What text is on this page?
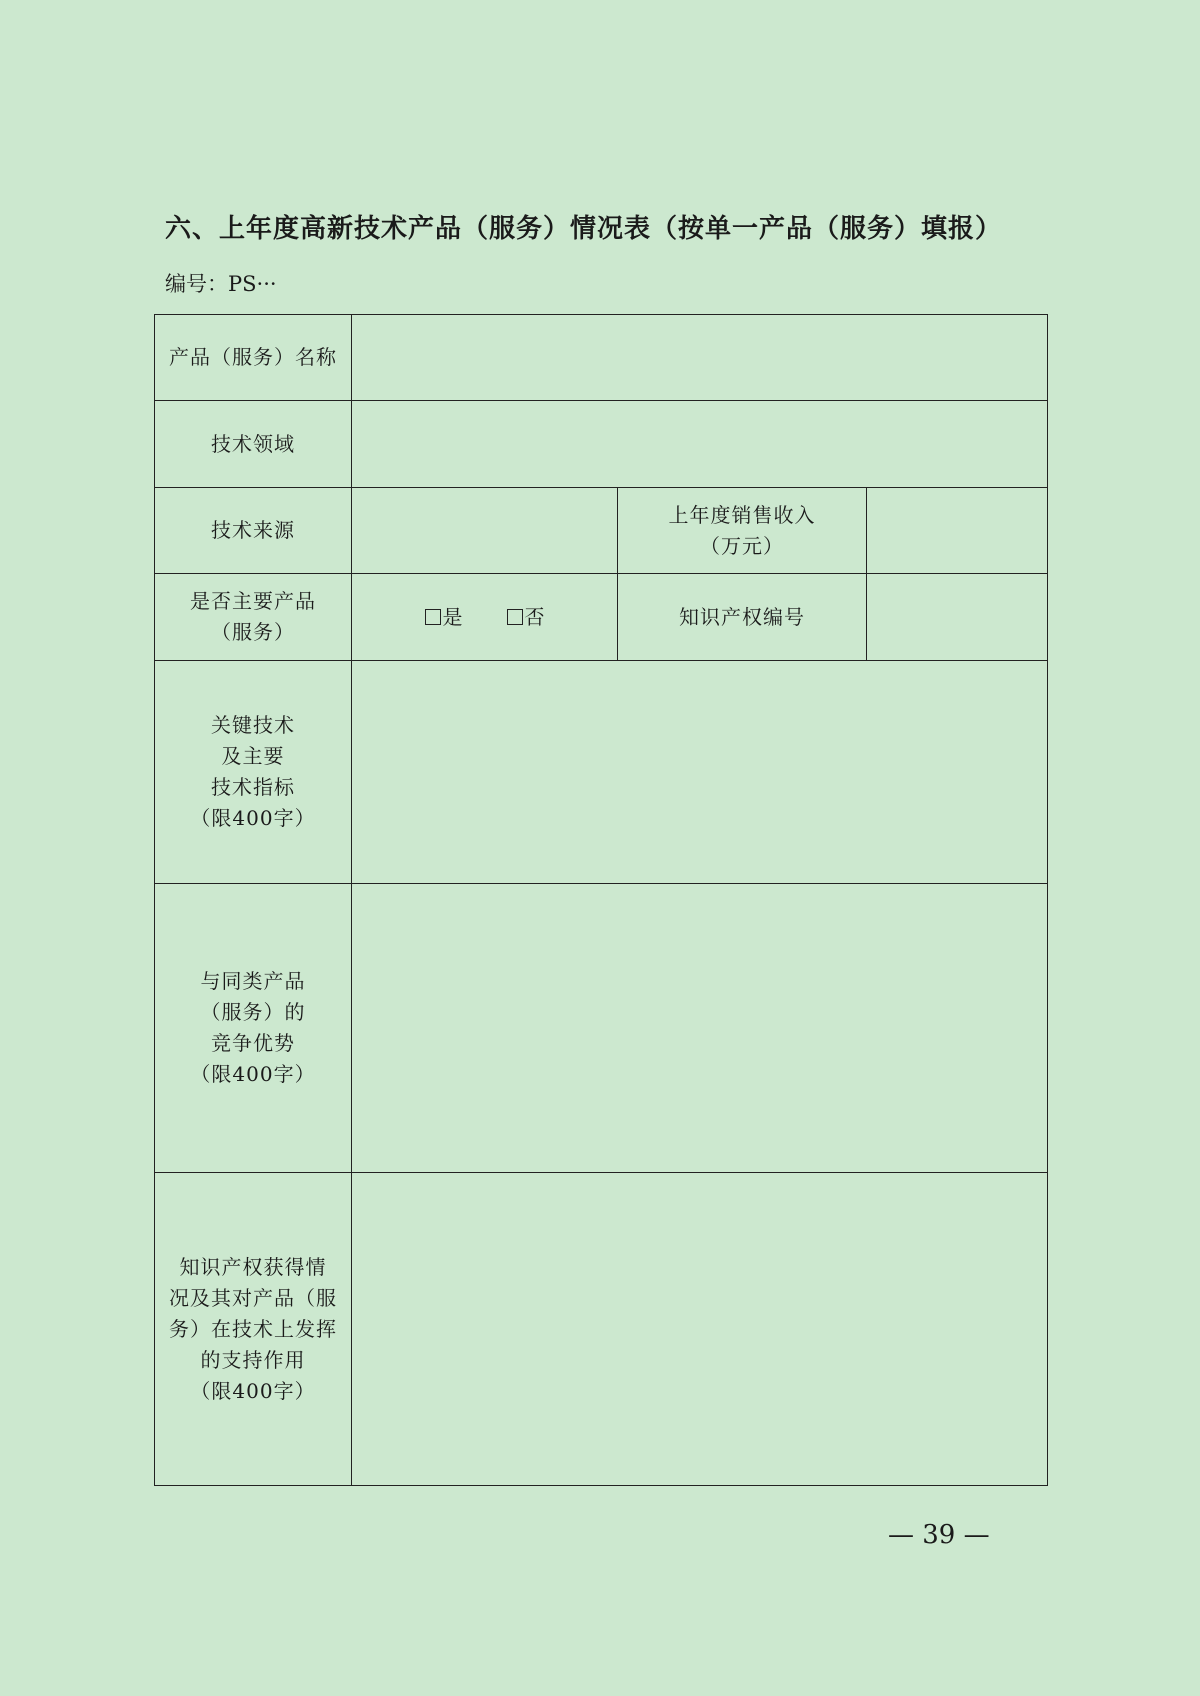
六、上年度高新技术产品（服务）情况表（按单一产品（服务）填报）
编号：PS···
产品（服务）名称			
技术领域			
技术来源		上年度销售收入
（万元）	
是否主要产品
（服务）	是 否	知识产权编号	
关键技术
及主要
技术指标
（限400字）			
与同类产品
（服务）的
竞争优势
（限400字）			
知识产权获得情
况及其对产品（服
务）在技术上发挥
的支持作用
（限400字）			
— 39 —
